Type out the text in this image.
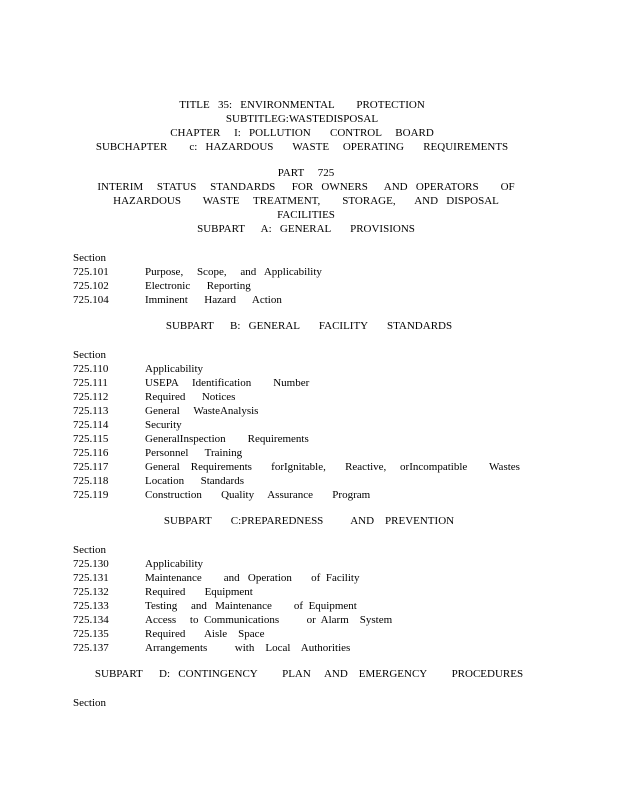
TITLE   35:   ENVIRONMENTAL        PROTECTION
SUBTITLEG:WASTEDISPOSAL
CHAPTER     I:   POLLUTION       CONTROL     BOARD
SUBCHAPTER        c:   HAZARDOUS       WASTE     OPERATING       REQUIREMENTS
PART     725
INTERIM     STATUS     STANDARDS      FOR   OWNERS      AND   OPERATORS        OF
HAZARDOUS        WASTE     TREATMENT,        STORAGE,       AND   DISPOSAL
FACILITIES
SUBPART      A:   GENERAL       PROVISIONS
Section
725.101	Purpose,     Scope,     and   Applicability
725.102	Electronic      Reporting
725.104	Imminent      Hazard      Action
SUBPART      B:   GENERAL       FACILITY       STANDARDS
Section
725.110	Applicability
725.111	USEPA     Identification        Number
725.112	Required      Notices
725.113	General     WasteAnalysis
725.114	Security
725.115	GeneralInspection        Requirements
725.116	Personnel      Training
725.117	General    Requirements       forIgnitable,       Reactive,     orIncompatible        Wastes
725.118	Location      Standards
725.119	Construction       Quality     Assurance       Program
SUBPART       C:PREPAREDNESS          AND    PREVENTION
Section
725.130	Applicability
725.131	Maintenance        and   Operation       of  Facility
725.132	Required       Equipment
725.133	Testing     and   Maintenance        of  Equipment
725.134	Access     to  Communications          or  Alarm    System
725.135	Required       Aisle    Space
725.137	Arrangements          with    Local    Authorities
SUBPART      D:   CONTINGENCY         PLAN     AND    EMERGENCY         PROCEDURES
Section
